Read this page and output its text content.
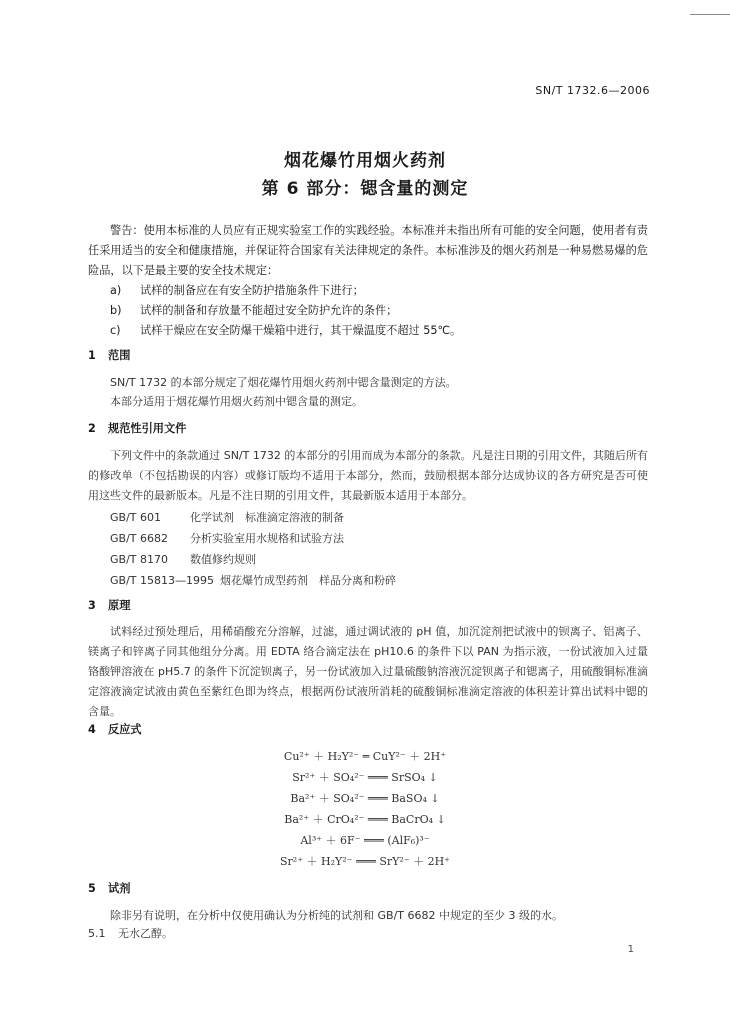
SN/T 1732.6—2006
烟花爆竹用烟火药剂
第 6 部分：锶含量的测定
警告：使用本标准的人员应有正规实验室工作的实践经验。本标准并未指出所有可能的安全问题，使用者有责任采用适当的安全和健康措施，并保证符合国家有关法律规定的条件。本标准涉及的烟火药剂是一种易燃易爆的危险品，以下是最主要的安全技术规定：
a) 试样的制备应在有安全防护措施条件下进行；
b) 试样的制备和存放量不能超过安全防护允许的条件；
c) 试样干燥应在安全防爆干燥箱中进行，其干燥温度不超过 55℃。
1 范围
SN/T 1732 的本部分规定了烟花爆竹用烟火药剂中锶含量测定的方法。
本部分适用于烟花爆竹用烟火药剂中锶含量的测定。
2 规范性引用文件
下列文件中的条款通过 SN/T 1732 的本部分的引用而成为本部分的条款。凡是注日期的引用文件，其随后所有的修改单（不包括勘误的内容）或修订版均不适用于本部分，然而，鼓励根据本部分达成协议的各方研究是否可使用这些文件的最新版本。凡是不注日期的引用文件，其最新版本适用于本部分。
GB/T 601	化学试剂　标准滴定溶液的制备
GB/T 6682 分析实验室用水规格和试验方法
GB/T 8170 数值修约规则
GB/T 15813—1995 烟花爆竹成型药剂　样品分离和粉碎
3 原理
试料经过预处理后，用稀硝酸充分溶解，过滤，通过调试液的 pH 值，加沉淀剂把试液中的钡离子、铝离子、镁离子和锌离子同其他组分分离。用 EDTA 络合滴定法在 pH10.6 的条件下以 PAN 为指示液，一份试液加入过量铬酸钾溶液在 pH5.7 的条件下沉淀钡离子，另一份试液加入过量硫酸钠溶液沉淀钡离子和锶离子，用硫酸铜标准滴定溶液滴定试液由黄色至紫红色即为终点，根据两份试液所消耗的硫酸铜标准滴定溶液的体积差计算出试料中锶的含量。
4 反应式
Cu²⁺ ＋ H₂Y²⁻ ═ CuY²⁻ ＋ 2H⁺
Sr²⁺ ＋ SO₄²⁻ ═══ SrSO₄ ↓
Ba²⁺ ＋ SO₄²⁻ ═══ BaSO₄ ↓
Ba²⁺ ＋ CrO₄²⁻ ═══ BaCrO₄ ↓
Al³⁺ ＋ 6F⁻ ═══ (AlF₆)³⁻
Sr²⁺ ＋ H₂Y²⁻ ═══ SrY²⁻ ＋ 2H⁺
5 试剂
除非另有说明，在分析中仅使用确认为分析纯的试剂和 GB/T 6682 中规定的至少 3 级的水。
5.1 无水乙醇。
1
